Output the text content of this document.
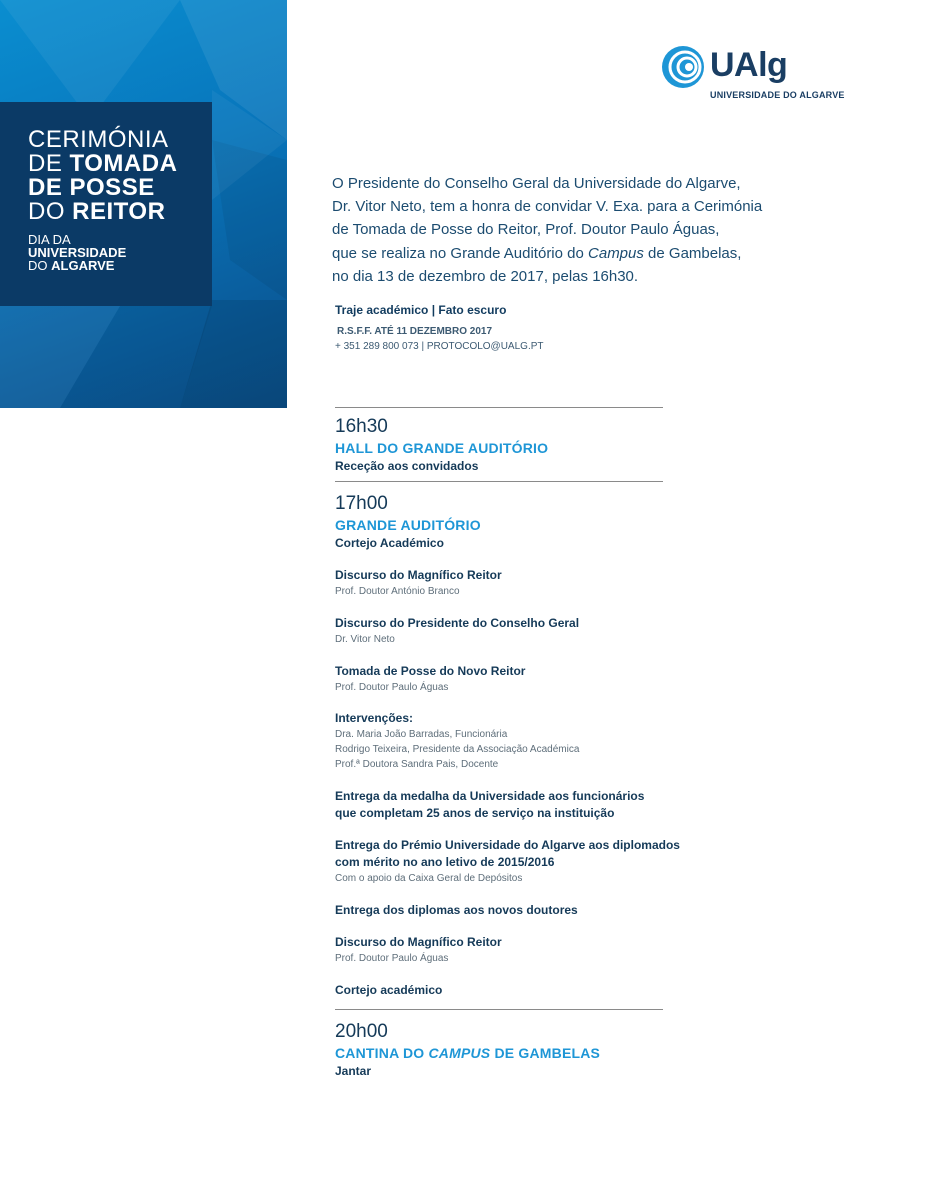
CERIMÓNIA
DE TOMADA
DE POSSE
DO REITOR
DIA DA
UNIVERSIDADE
DO ALGARVE
UAlg
UNIVERSIDADE DO ALGARVE
O Presidente do Conselho Geral da Universidade do Algarve,
Dr. Vitor Neto, tem a honra de convidar V. Exa. para a Cerimónia
de Tomada de Posse do Reitor, Prof. Doutor Paulo Águas,
que se realiza no Grande Auditório do Campus de Gambelas,
no dia 13 de dezembro de 2017, pelas 16h30.
Traje académico | Fato escuro
R.S.F.F. ATÉ 11 DEZEMBRO 2017
+ 351 289 800 073 | PROTOCOLO@UALG.PT
16h30
HALL DO GRANDE AUDITÓRIO
Receção aos convidados
17h00
GRANDE AUDITÓRIO
Cortejo Académico
Discurso do Magnífico Reitor
Prof. Doutor António Branco
Discurso do Presidente do Conselho Geral
Dr. Vitor Neto
Tomada de Posse do Novo Reitor
Prof. Doutor Paulo Águas
Intervenções:
Dra. Maria João Barradas, Funcionária
Rodrigo Teixeira, Presidente da Associação Académica
Prof.ª Doutora Sandra Pais, Docente
Entrega da medalha da Universidade aos funcionários
que completam 25 anos de serviço na instituição
Entrega do Prémio Universidade do Algarve aos diplomados
com mérito no ano letivo de 2015/2016
Com o apoio da Caixa Geral de Depósitos
Entrega dos diplomas aos novos doutores
Discurso do Magnífico Reitor
Prof. Doutor Paulo Águas
Cortejo académico
20h00
CANTINA DO CAMPUS DE GAMBELAS
Jantar
